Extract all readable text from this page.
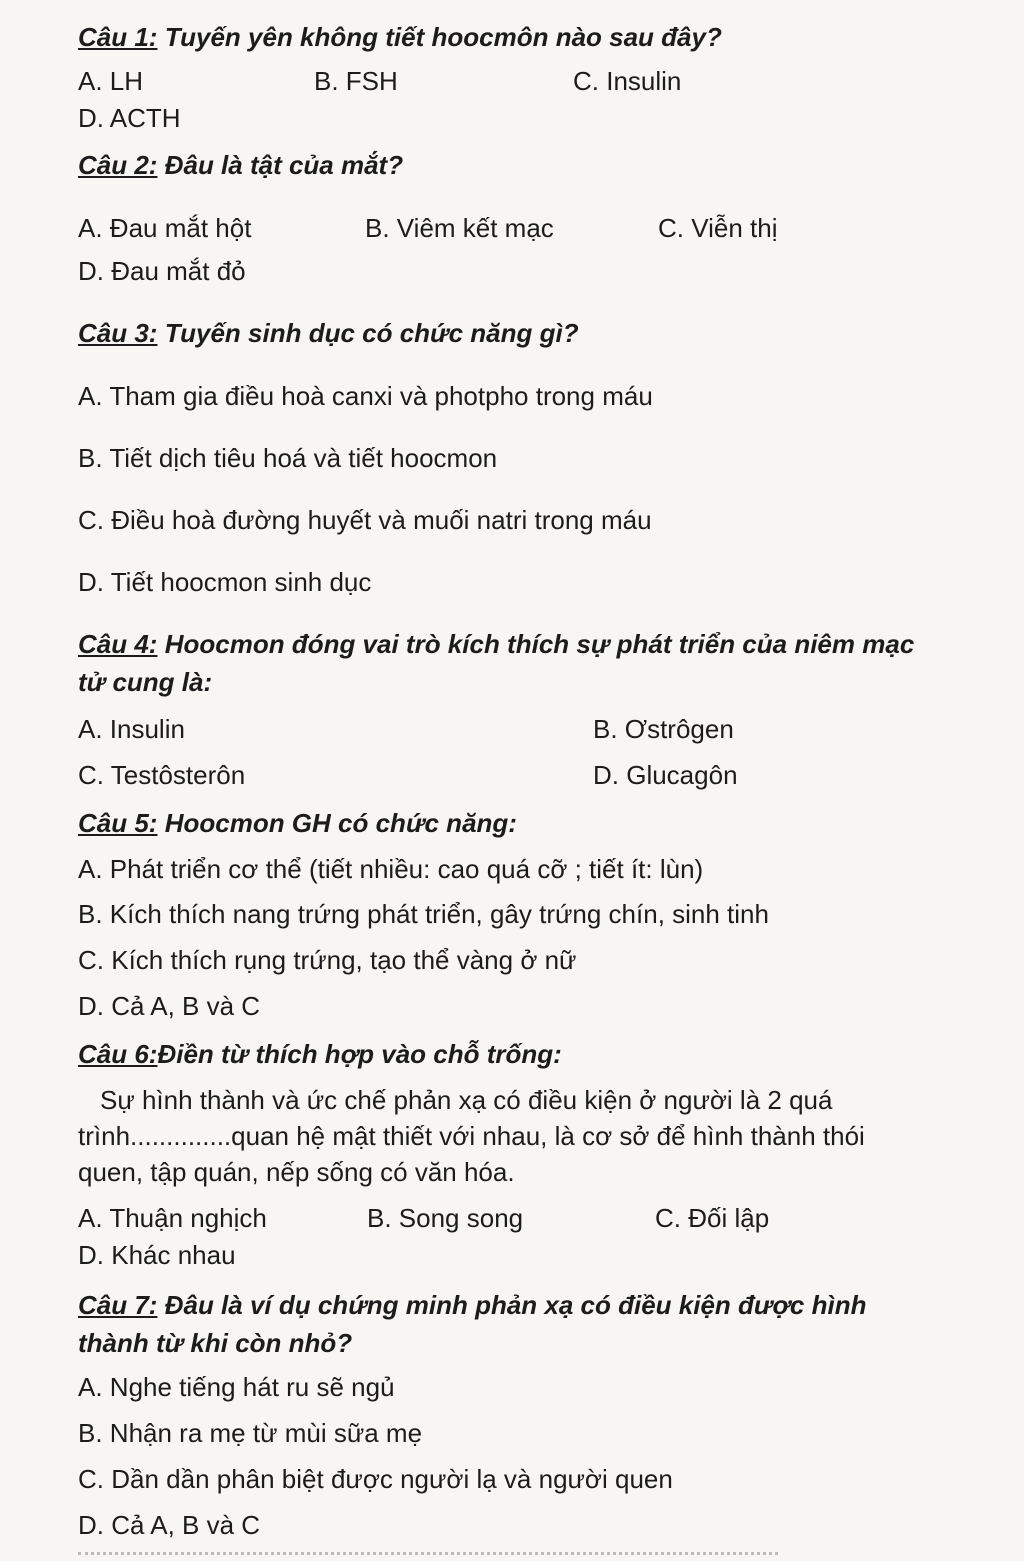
Câu 1: Tuyến yên không tiết hoocmôn nào sau đây?
A. LH	B. FSH	C. Insulin
D. ACTH
Câu 2: Đâu là tật của mắt?
A. Đau mắt hột	B. Viêm kết mạc	C. Viễn thị
D. Đau mắt đỏ
Câu 3: Tuyến sinh dục có chức năng gì?
A. Tham gia điều hoà canxi và photpho trong máu
B. Tiết dịch tiêu hoá và tiết hoocmon
C. Điều hoà đường huyết và muối natri trong máu
D. Tiết hoocmon sinh dục
Câu 4: Hoocmon đóng vai trò kích thích sự phát triển của niêm mạc tử cung là:
A. Insulin	B. Ơstrôgen
C. Testôsterôn	D. Glucagôn
Câu 5: Hoocmon GH có chức năng:
A. Phát triển cơ thể (tiết nhiều: cao quá cỡ ; tiết ít: lùn)
B. Kích thích nang trứng phát triển, gây trứng chín, sinh tinh
C. Kích thích rụng trứng, tạo thể vàng ở nữ
D. Cả A, B và C
Câu 6:Điền từ thích hợp vào chỗ trống:
Sự hình thành và ức chế phản xạ có điều kiện ở người là 2 quá trình..............quan hệ mật thiết với nhau, là cơ sở để hình thành thói quen, tập quán, nếp sống có văn hóa.
A. Thuận nghịch	B. Song song	C. Đối lập
D. Khác nhau
Câu 7: Đâu là ví dụ chứng minh phản xạ có điều kiện được hình thành từ khi còn nhỏ?
A. Nghe tiếng hát ru sẽ ngủ
B. Nhận ra mẹ từ mùi sữa mẹ
C. Dần dần phân biệt được người lạ và người quen
D. Cả A, B và C
